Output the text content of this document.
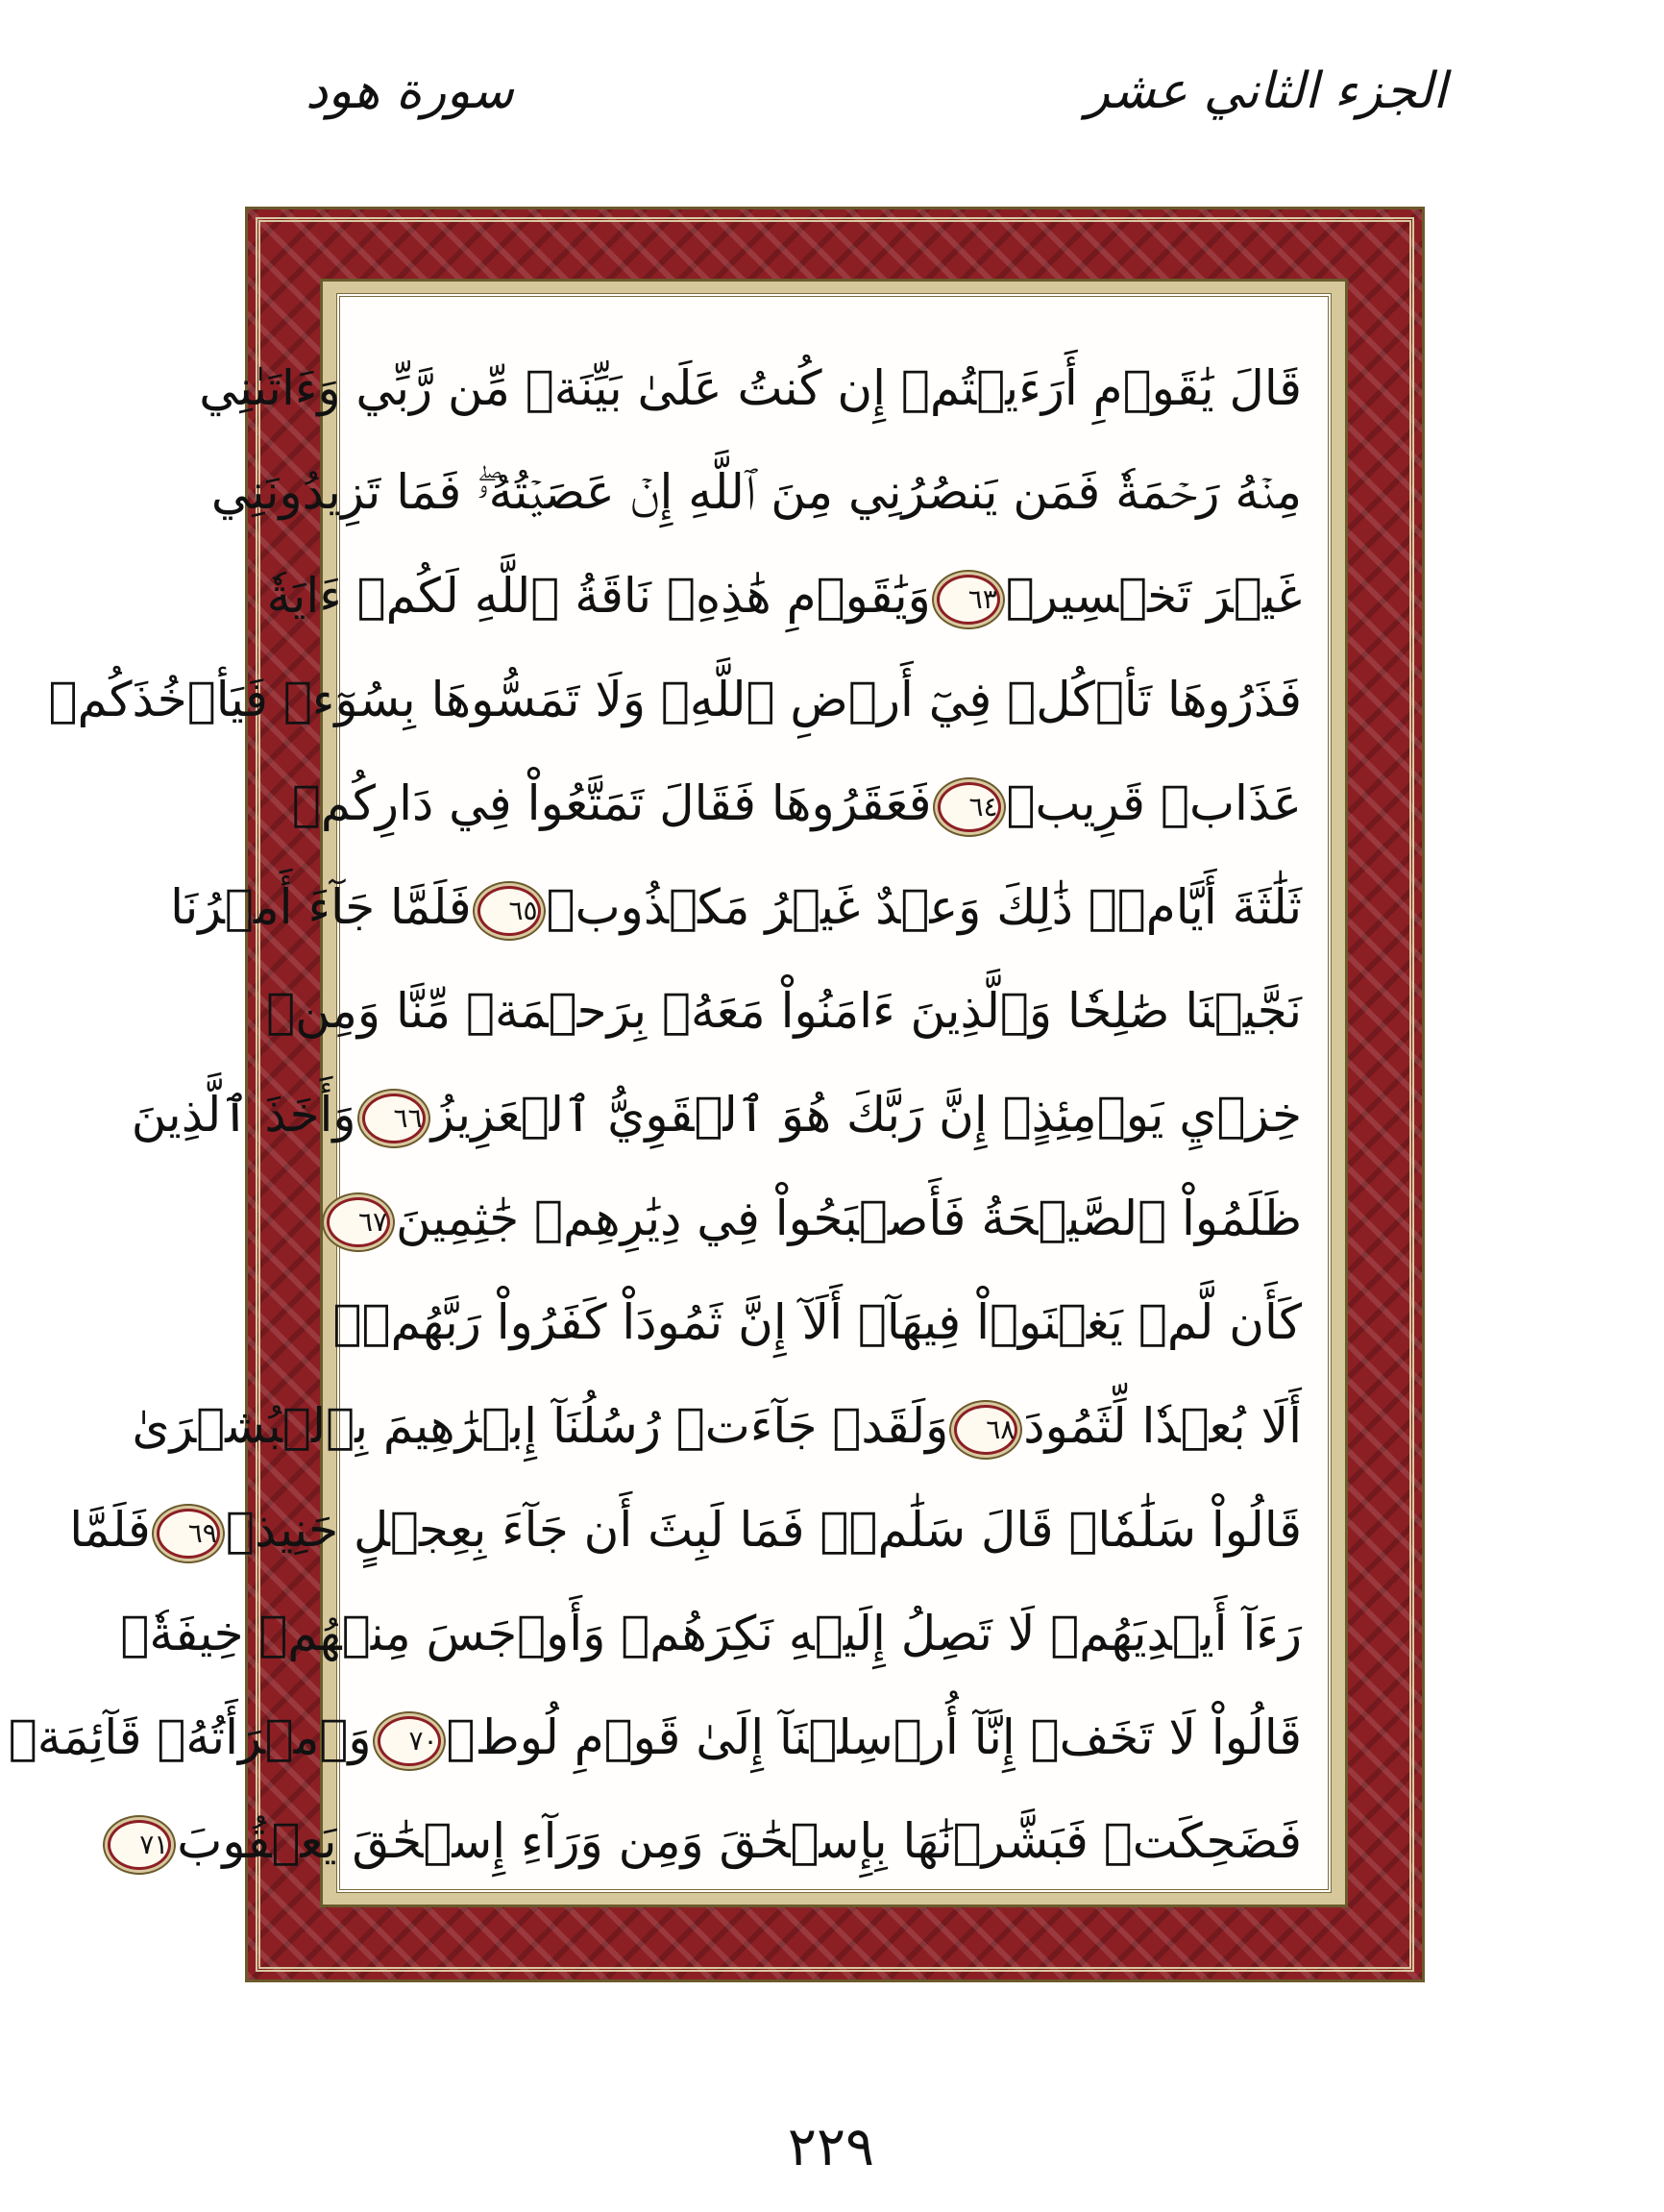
الجزء الثاني عشر
سورة هود
قَالَ يَٰقَوۡمِ أَرَءَيۡتُمۡ إِن كُنتُ عَلَىٰ بَيِّنَةٖ مِّن رَّبِّي وَءَاتَىٰنِي
مِنۡهُ رَحۡمَةٗ فَمَن يَنصُرُنِي مِنَ ٱللَّهِ إِنۡ عَصَيۡتُهُۥۖ فَمَا تَزِيدُونَنِي
غَيۡرَ تَخۡسِيرٖ٦٣وَيَٰقَوۡمِ هَٰذِهِۦ نَاقَةُ ٱللَّهِ لَكُمۡ ءَايَةٗ
فَذَرُوهَا تَأۡكُلۡ فِيٓ أَرۡضِ ٱللَّهِۖ وَلَا تَمَسُّوهَا بِسُوٓءٖ فَيَأۡخُذَكُمۡ
عَذَابٞ قَرِيبٞ٦٤فَعَقَرُوهَا فَقَالَ تَمَتَّعُواْ فِي دَارِكُمۡ
ثَلَٰثَةَ أَيَّامٖۖ ذَٰلِكَ وَعۡدٌ غَيۡرُ مَكۡذُوبٖ٦٥فَلَمَّا جَآءَ أَمۡرُنَا
نَجَّيۡنَا صَٰلِحٗا وَٱلَّذِينَ ءَامَنُواْ مَعَهُۥ بِرَحۡمَةٖ مِّنَّا وَمِنۡ
خِزۡيِ يَوۡمِئِذٍۚ إِنَّ رَبَّكَ هُوَ ٱلۡقَوِيُّ ٱلۡعَزِيزُ٦٦وَأَخَذَ ٱلَّذِينَ
ظَلَمُواْ ٱلصَّيۡحَةُ فَأَصۡبَحُواْ فِي دِيَٰرِهِمۡ جَٰثِمِينَ٦٧
كَأَن لَّمۡ يَغۡنَوۡاْ فِيهَآۗ أَلَآ إِنَّ ثَمُودَاْ كَفَرُواْ رَبَّهُمۡۗ
أَلَا بُعۡدٗا لِّثَمُودَ٦٨وَلَقَدۡ جَآءَتۡ رُسُلُنَآ إِبۡرَٰهِيمَ بِٱلۡبُشۡرَىٰ
قَالُواْ سَلَٰمٗاۖ قَالَ سَلَٰمٞۖ فَمَا لَبِثَ أَن جَآءَ بِعِجۡلٍ حَنِيذٖ٦٩فَلَمَّا
رَءَآ أَيۡدِيَهُمۡ لَا تَصِلُ إِلَيۡهِ نَكِرَهُمۡ وَأَوۡجَسَ مِنۡهُمۡ خِيفَةٗۚ
قَالُواْ لَا تَخَفۡ إِنَّآ أُرۡسِلۡنَآ إِلَىٰ قَوۡمِ لُوطٖ٧٠وَٱمۡرَأَتُهُۥ قَآئِمَةٞ
فَضَحِكَتۡ فَبَشَّرۡنَٰهَا بِإِسۡحَٰقَ وَمِن وَرَآءِ إِسۡحَٰقَ يَعۡقُوبَ٧١
٢٢٩
